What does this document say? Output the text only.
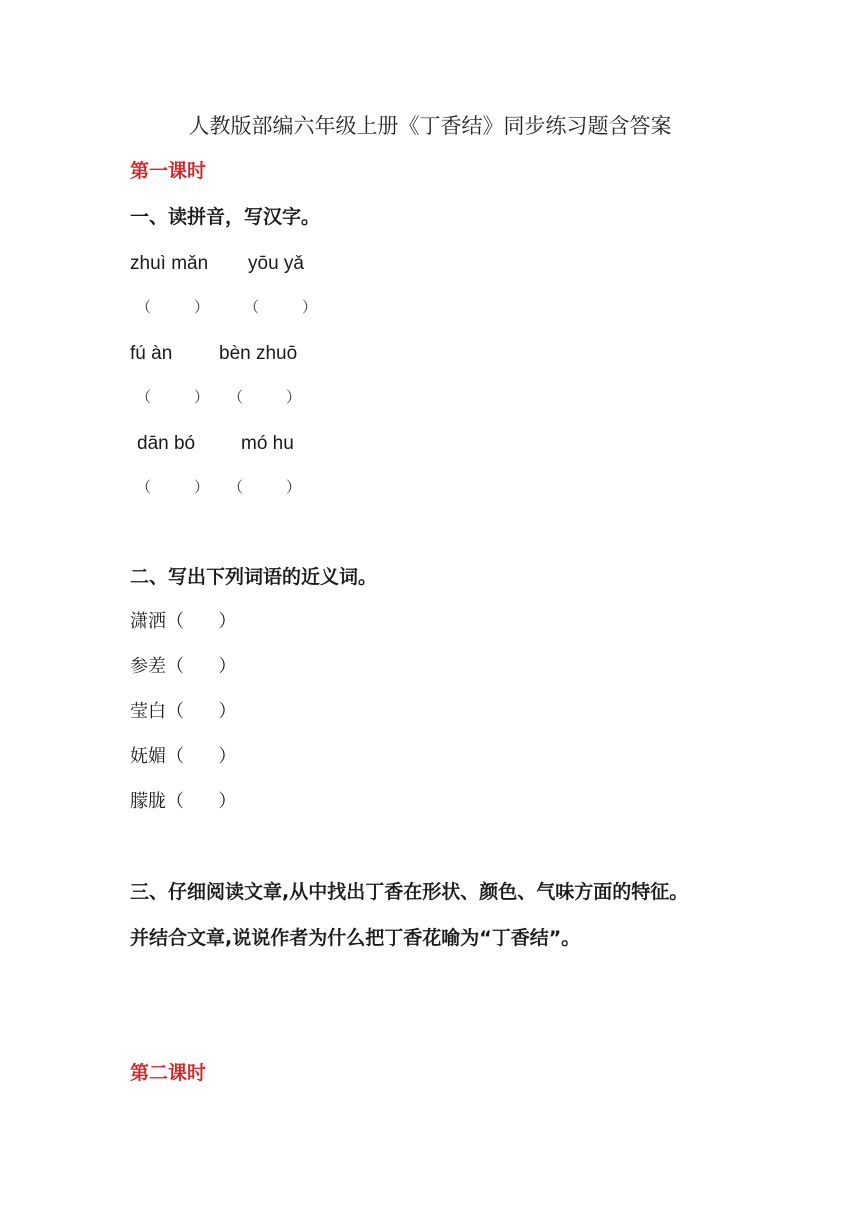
人教版部编六年级上册《丁香结》同步练习题含答案
第一课时
一、读拼音，写汉字。
zhuì mǎn yōu yǎ
（	） （	）
fú àn bèn zhuō
（	） （	）
dān bó mó hu
（	） （	）
二、写出下列词语的近义词。
潇洒（      ）
参差（      ）
莹白（      ）
妩媚（      ）
朦胧（      ）
三、仔细阅读文章,从中找出丁香在形状、颜色、气味方面的特征。
并结合文章,说说作者为什么把丁香花喻为“丁香结”。
第二课时
